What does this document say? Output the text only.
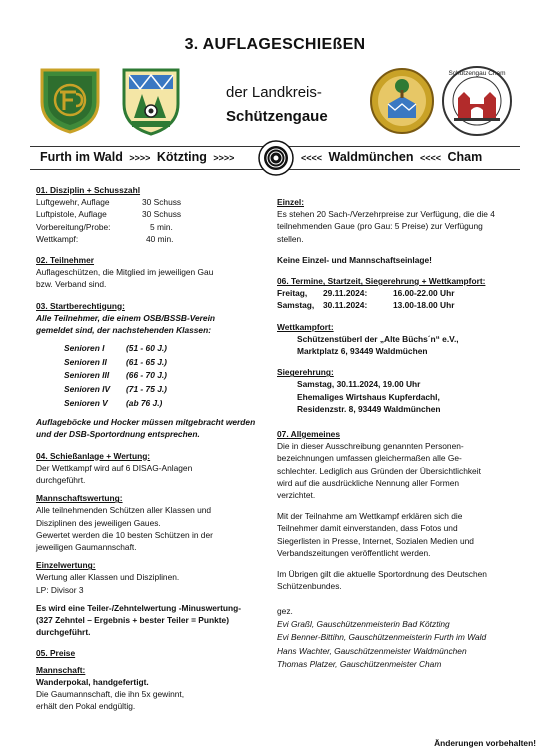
3. AUFLAGESCHIEßEN
der Landkreis-
Schützengaue
Schützengau Cham
Furth im Wald >>>> Kötzting >>>>	<<<< Waldmünchen <<<< Cham
01. Disziplin + Schusszahl
Luftgewehr, Auflage	30 Schuss
Luftpistole, Auflage	30 Schuss
Vorbereitung/Probe:	5 min.
Wettkampf:	40 min.
02. Teilnehmer
Auflageschützen, die Mitglied im jeweiligen Gau
bzw. Verband sind.
03. Startberechtigung:
Alle Teilnehmer, die einem OSB/BSSB-Verein
gemeldet sind, der nachstehenden Klassen:
Senioren I	(51 - 60 J.)
Senioren II	(61 - 65 J.)
Senioren III	(66 - 70 J.)
Senioren IV	(71 - 75 J.)
Senioren V	(ab 76 J.)
Auflageböcke und Hocker müssen mitgebracht werden
und der DSB-Sportordnung entsprechen.
04. Schießanlage + Wertung:
Der Wettkampf wird auf 6 DISAG-Anlagen
durchgeführt.
Mannschaftswertung:
Alle teilnehmenden Schützen aller Klassen und
Disziplinen des jeweiligen Gaues.
Gewertet werden die 10 besten Schützen in der
jeweiligen Gaumannschaft.
Einzelwertung:
Wertung aller Klassen und Disziplinen.
LP: Divisor 3
Es wird eine Teiler-/Zehntelwertung -Minuswertung-
(327 Zehntel – Ergebnis + bester Teiler = Punkte)
durchgeführt.
05. Preise
Mannschaft:
Wanderpokal, handgefertigt.
Die Gaumannschaft, die ihn 5x gewinnt,
erhält den Pokal endgültig.
Einzel:
Es stehen 20 Sach-/Verzehrpreise zur Verfügung, die die 4
teilnehmenden Gaue (pro Gau: 5 Preise) zur Verfügung
stellen.
Keine Einzel- und Mannschaftseinlage!
06. Termine, Startzeit, Siegerehrung + Wettkampfort:
Freitag,	29.11.2024:	16.00-22.00 Uhr
Samstag,	30.11.2024:	13.00-18.00 Uhr
Wettkampfort:
Schützenstüberl der „Alte Büchs´n“ e.V.,
Marktplatz 6, 93449 Waldmüchen
Siegerehrung:
Samstag, 30.11.2024, 19.00 Uhr
Ehemaliges Wirtshaus Kupferdachl,
Residenzstr. 8, 93449 Waldmünchen
07. Allgemeines
Die in dieser Ausschreibung genannten Personen-
bezeichnungen umfassen gleichermaßen alle Ge-
schlechter. Lediglich aus Gründen der Übersichtlichkeit
wird auf die ausdrückliche Nennung aller Formen
verzichtet.
Mit der Teilnahme am Wettkampf erklären sich die
Teilnehmer damit einverstanden, dass Fotos und
Siegerlisten in Presse, Internet, Sozialen Medien und
Verbandszeitungen veröffentlicht werden.
Im Übrigen gilt die aktuelle Sportordnung des Deutschen
Schützenbundes.
gez.
Evi Graßl, Gauschützenmeisterin Bad Kötzting
Evi Benner-Bittihn, Gauschützenmeisterin Furth im Wald
Hans Wachter, Gauschützenmeister Waldmünchen
Thomas Platzer, Gauschützenmeister Cham
Änderungen vorbehalten!
